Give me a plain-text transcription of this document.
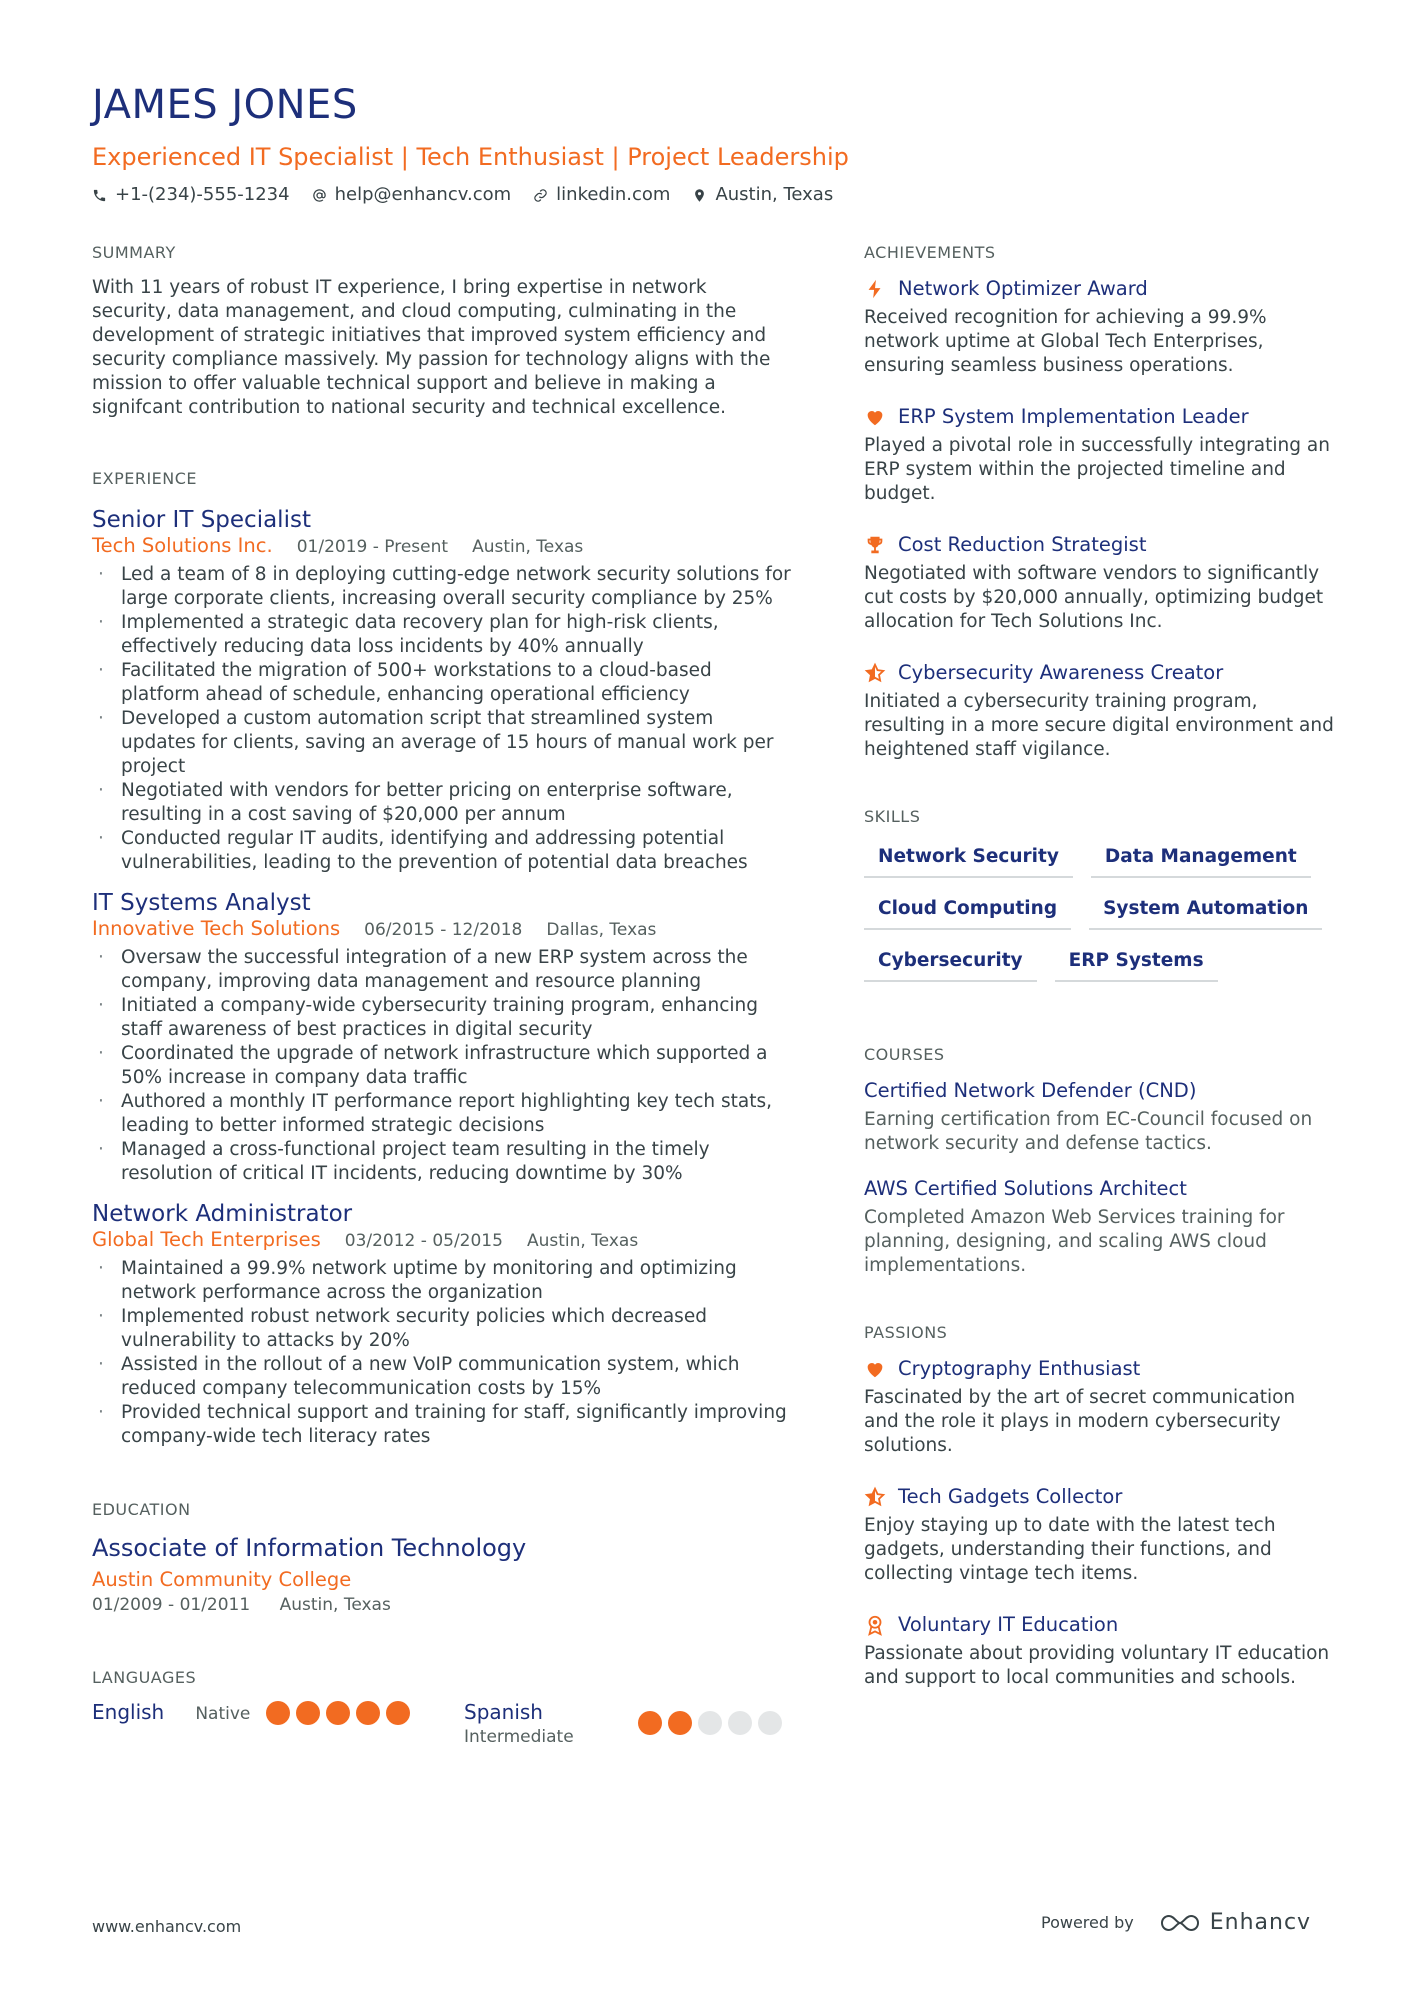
JAMES JONES
Experienced IT Specialist | Tech Enthusiast | Project Leadership
+1-(234)-555-1234	help@enhancv.com	linkedin.com	Austin, Texas
SUMMARY
With 11 years of robust IT experience, I bring expertise in network security, data management, and cloud computing, culminating in the development of strategic initiatives that improved system efficiency and security compliance massively. My passion for technology aligns with the mission to offer valuable technical support and believe in making a signifcant contribution to national security and technical excellence.
EXPERIENCE
Senior IT Specialist
Tech Solutions Inc. 01/2019 - Present Austin, Texas
· Led a team of 8 in deploying cutting-edge network security solutions for large corporate clients, increasing overall security compliance by 25%
· Implemented a strategic data recovery plan for high-risk clients, effectively reducing data loss incidents by 40% annually
· Facilitated the migration of 500+ workstations to a cloud-based platform ahead of schedule, enhancing operational efficiency
· Developed a custom automation script that streamlined system updates for clients, saving an average of 15 hours of manual work per project
· Negotiated with vendors for better pricing on enterprise software, resulting in a cost saving of $20,000 per annum
· Conducted regular IT audits, identifying and addressing potential vulnerabilities, leading to the prevention of potential data breaches
IT Systems Analyst
Innovative Tech Solutions 06/2015 - 12/2018 Dallas, Texas
· Oversaw the successful integration of a new ERP system across the company, improving data management and resource planning
· Initiated a company-wide cybersecurity training program, enhancing staff awareness of best practices in digital security
· Coordinated the upgrade of network infrastructure which supported a 50% increase in company data traffic
· Authored a monthly IT performance report highlighting key tech stats, leading to better informed strategic decisions
· Managed a cross-functional project team resulting in the timely resolution of critical IT incidents, reducing downtime by 30%
Network Administrator
Global Tech Enterprises 03/2012 - 05/2015 Austin, Texas
· Maintained a 99.9% network uptime by monitoring and optimizing network performance across the organization
· Implemented robust network security policies which decreased vulnerability to attacks by 20%
· Assisted in the rollout of a new VoIP communication system, which reduced company telecommunication costs by 15%
· Provided technical support and training for staff, significantly improving company-wide tech literacy rates
EDUCATION
Associate of Information Technology
Austin Community College
01/2009 - 01/2011 Austin, Texas
LANGUAGES
English Native	Spanish
Intermediate
ACHIEVEMENTS
Network Optimizer Award
Received recognition for achieving a 99.9% network uptime at Global Tech Enterprises, ensuring seamless business operations.
ERP System Implementation Leader
Played a pivotal role in successfully integrating an ERP system within the projected timeline and budget.
Cost Reduction Strategist
Negotiated with software vendors to significantly cut costs by $20,000 annually, optimizing budget allocation for Tech Solutions Inc.
Cybersecurity Awareness Creator
Initiated a cybersecurity training program, resulting in a more secure digital environment and heightened staff vigilance.
SKILLS
Network Security	Data Management
Cloud Computing	System Automation
Cybersecurity	ERP Systems
COURSES
Certified Network Defender (CND)
Earning certification from EC-Council focused on network security and defense tactics.
AWS Certified Solutions Architect
Completed Amazon Web Services training for planning, designing, and scaling AWS cloud implementations.
PASSIONS
Cryptography Enthusiast
Fascinated by the art of secret communication and the role it plays in modern cybersecurity solutions.
Tech Gadgets Collector
Enjoy staying up to date with the latest tech gadgets, understanding their functions, and collecting vintage tech items.
Voluntary IT Education
Passionate about providing voluntary IT education and support to local communities and schools.
www.enhancv.com	Powered by	Enhancv
